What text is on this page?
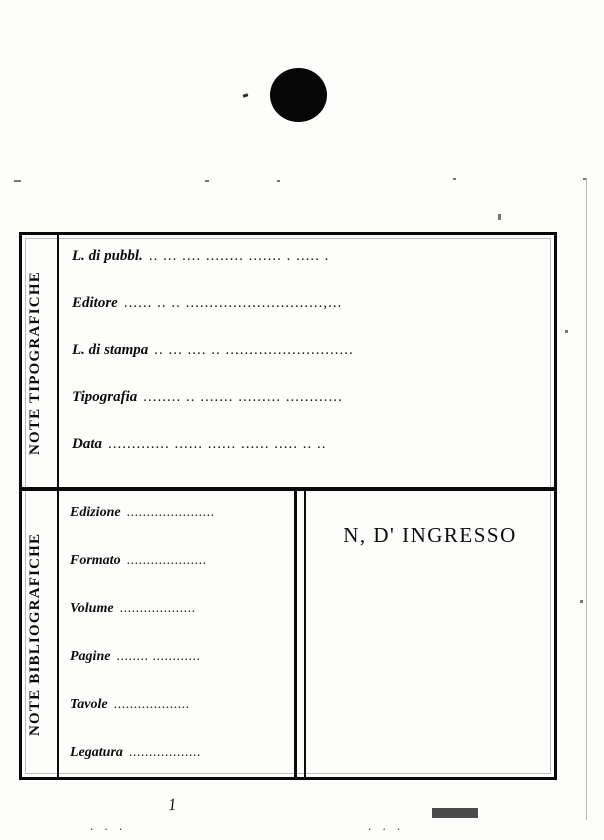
NOTE TIPOGRAFICHE
NOTE BIBLIOGRAFICHE
L. di pubbl. .. ... .... ........ ....... . ..... .
Editore ...... .. .. .............................,...
L. di stampa .. ... .... .. ...........................
Tipografia ........ .. ....... ......... ............
Data ............. ...... ...... ...... ..... .. ..
Edizione ......................
Formato ....................
Volume ...................
Pagine ........ ............
Tavole ...................
Legatura ..................
N, D' INGRESSO
1
. . .	. . .
